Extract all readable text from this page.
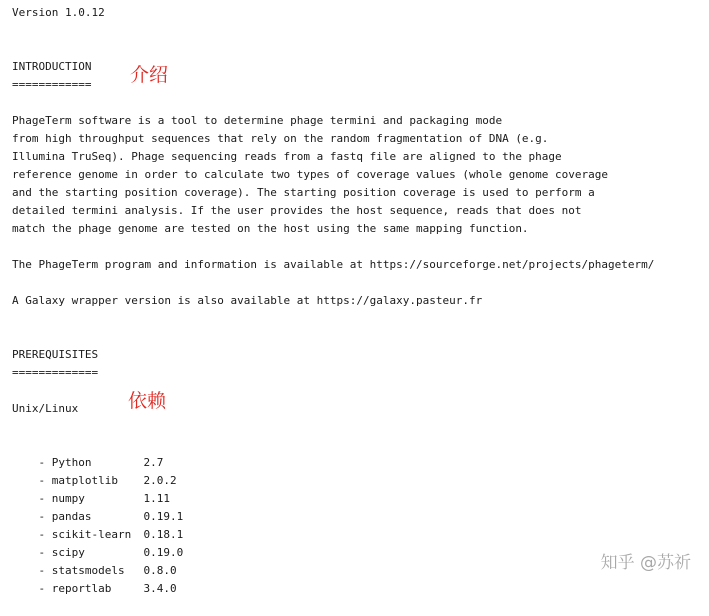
Version 1.0.12
INTRODUCTION
============ 介绍
PhageTerm software is a tool to determine phage termini and packaging mode
from high throughput sequences that rely on the random fragmentation of DNA (e.g.
Illumina TruSeq). Phage sequencing reads from a fastq file are aligned to the phage
reference genome in order to calculate two types of coverage values (whole genome coverage
and the starting position coverage). The starting position coverage is used to perform a
detailed termini analysis. If the user provides the host sequence, reads that does not
match the phage genome are tested on the host using the same mapping function.
The PhageTerm program and information is available at https://sourceforge.net/projects/phageterm/
A Galaxy wrapper version is also available at https://galaxy.pasteur.fr
PREREQUISITES
=============
依赖
Unix/Linux

- Python	2.7

- matplotlib 2.0.2

- numpy	1.11

- pandas	0.19.1

- scikit-learn 0.18.1

- scipy	0.19.0

- statsmodels 0.8.0

- reportlab	3.4.0

知乎 @苏祈
